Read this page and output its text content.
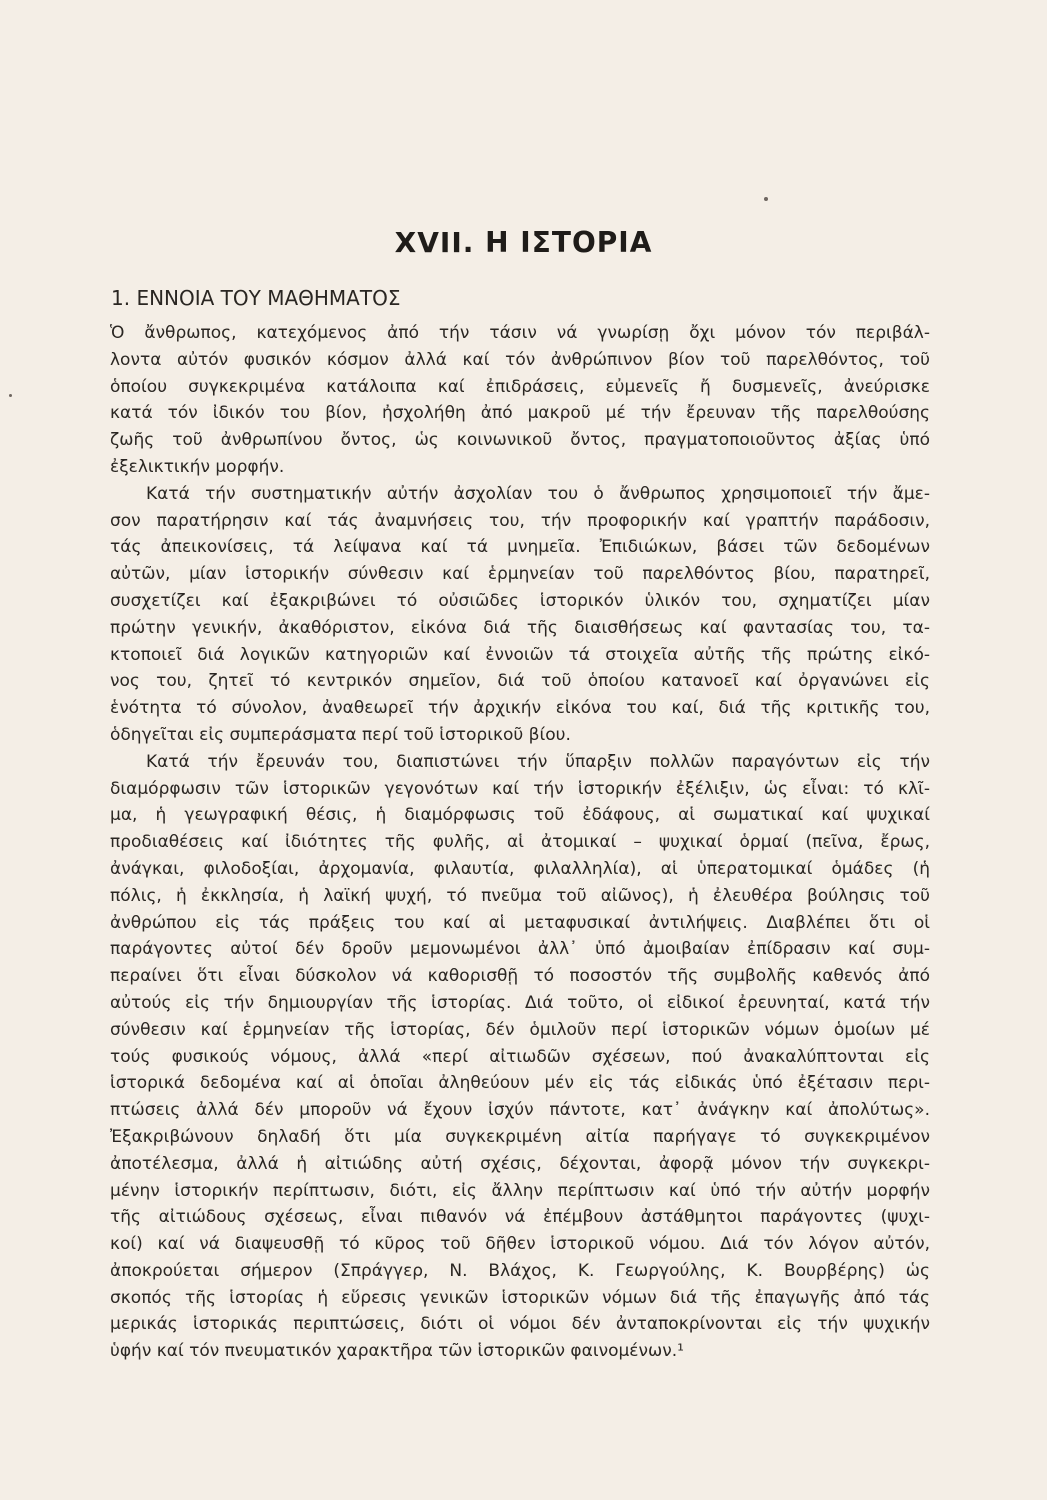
XVII. Η ΙΣΤΟΡΙΑ
1. ΕΝΝΟΙΑ ΤΟΥ ΜΑΘΗΜΑΤΟΣ
Ὁ ἄνθρωπος, κατεχόμενος ἀπό τήν τάσιν νά γνωρίσῃ ὄχι μόνον τόν περιβάλ-
λοντα αὐτόν φυσικόν κόσμον ἀλλά καί τόν ἀνθρώπινον βίον τοῦ παρελθόντος, τοῦ
ὁποίου συγκεκριμένα κατάλοιπα καί ἐπιδράσεις, εὐμενεῖς ἤ δυσμενεῖς, ἀνεύρισκε
κατά τόν ἰδικόν του βίον, ἠσχολήθη ἀπό μακροῦ μέ τήν ἔρευναν τῆς παρελθούσης
ζωῆς τοῦ ἀνθρωπίνου ὄντος, ὡς κοινωνικοῦ ὄντος, πραγματοποιοῦντος ἀξίας ὑπό
ἐξελικτικήν μορφήν.
Κατά τήν συστηματικήν αὐτήν ἀσχολίαν του ὁ ἄνθρωπος χρησιμοποιεῖ τήν ἄμε-
σον παρατήρησιν καί τάς ἀναμνήσεις του, τήν προφορικήν καί γραπτήν παράδοσιν,
τάς ἀπεικονίσεις, τά λείψανα καί τά μνημεῖα. Ἐπιδιώκων, βάσει τῶν δεδομένων
αὐτῶν, μίαν ἱστορικήν σύνθεσιν καί ἑρμηνείαν τοῦ παρελθόντος βίου, παρατηρεῖ,
συσχετίζει καί ἐξακριβώνει τό οὐσιῶδες ἱστορικόν ὑλικόν του, σχηματίζει μίαν
πρώτην γενικήν, ἀκαθόριστον, εἰκόνα διά τῆς διαισθήσεως καί φαντασίας του, τα-
κτοποιεῖ διά λογικῶν κατηγοριῶν καί ἐννοιῶν τά στοιχεῖα αὐτῆς τῆς πρώτης εἰκό-
νος του, ζητεῖ τό κεντρικόν σημεῖον, διά τοῦ ὁποίου κατανοεῖ καί ὀργανώνει εἰς
ἑνότητα τό σύνολον, ἀναθεωρεῖ τήν ἀρχικήν εἰκόνα του καί, διά τῆς κριτικῆς του,
ὁδηγεῖται εἰς συμπεράσματα περί τοῦ ἱστορικοῦ βίου.
Κατά τήν ἔρευνάν του, διαπιστώνει τήν ὕπαρξιν πολλῶν παραγόντων εἰς τήν
διαμόρφωσιν τῶν ἱστορικῶν γεγονότων καί τήν ἱστορικήν ἐξέλιξιν, ὡς εἶναι: τό κλῖ-
μα, ἡ γεωγραφική θέσις, ἡ διαμόρφωσις τοῦ ἐδάφους, αἱ σωματικαί καί ψυχικαί
προδιαθέσεις καί ἰδιότητες τῆς φυλῆς, αἱ ἀτομικαί – ψυχικαί ὁρμαί (πεῖνα, ἔρως,
ἀνάγκαι, φιλοδοξίαι, ἀρχομανία, φιλαυτία, φιλαλληλία), αἱ ὑπερατομικαί ὁμάδες (ἡ
πόλις, ἡ ἐκκλησία, ἡ λαϊκή ψυχή, τό πνεῦμα τοῦ αἰῶνος), ἡ ἐλευθέρα βούλησις τοῦ
ἀνθρώπου εἰς τάς πράξεις του καί αἱ μεταφυσικαί ἀντιλήψεις. Διαβλέπει ὅτι οἱ
παράγοντες αὐτοί δέν δροῦν μεμονωμένοι ἀλλ᾽ ὑπό ἀμοιβαίαν ἐπίδρασιν καί συμ-
περαίνει ὅτι εἶναι δύσκολον νά καθορισθῇ τό ποσοστόν τῆς συμβολῆς καθενός ἀπό
αὐτούς εἰς τήν δημιουργίαν τῆς ἱστορίας. Διά τοῦτο, οἱ εἰδικοί ἐρευνηταί, κατά τήν
σύνθεσιν καί ἑρμηνείαν τῆς ἱστορίας, δέν ὁμιλοῦν περί ἱστορικῶν νόμων ὁμοίων μέ
τούς φυσικούς νόμους, ἀλλά «περί αἰτιωδῶν σχέσεων, πού ἀνακαλύπτονται εἰς
ἱστορικά δεδομένα καί αἱ ὁποῖαι ἀληθεύουν μέν εἰς τάς εἰδικάς ὑπό ἐξέτασιν περι-
πτώσεις ἀλλά δέν μποροῦν νά ἔχουν ἰσχύν πάντοτε, κατ᾽ ἀνάγκην καί ἀπολύτως».
Ἐξακριβώνουν δηλαδή ὅτι μία συγκεκριμένη αἰτία παρήγαγε τό συγκεκριμένον
ἀποτέλεσμα, ἀλλά ἡ αἰτιώδης αὐτή σχέσις, δέχονται, ἀφορᾷ μόνον τήν συγκεκρι-
μένην ἱστορικήν περίπτωσιν, διότι, εἰς ἄλλην περίπτωσιν καί ὑπό τήν αὐτήν μορφήν
τῆς αἰτιώδους σχέσεως, εἶναι πιθανόν νά ἐπέμβουν ἀστάθμητοι παράγοντες (ψυχι-
κοί) καί νά διαψευσθῇ τό κῦρος τοῦ δῆθεν ἱστορικοῦ νόμου. Διά τόν λόγον αὐτόν,
ἀποκρούεται σήμερον (Σπράγγερ, Ν. Βλάχος, Κ. Γεωργούλης, Κ. Βουρβέρης) ὡς
σκοπός τῆς ἱστορίας ἡ εὕρεσις γενικῶν ἱστορικῶν νόμων διά τῆς ἐπαγωγῆς ἀπό τάς
μερικάς ἱστορικάς περιπτώσεις, διότι οἱ νόμοι δέν ἀνταποκρίνονται εἰς τήν ψυχικήν
ὑφήν καί τόν πνευματικόν χαρακτῆρα τῶν ἱστορικῶν φαινομένων.¹
